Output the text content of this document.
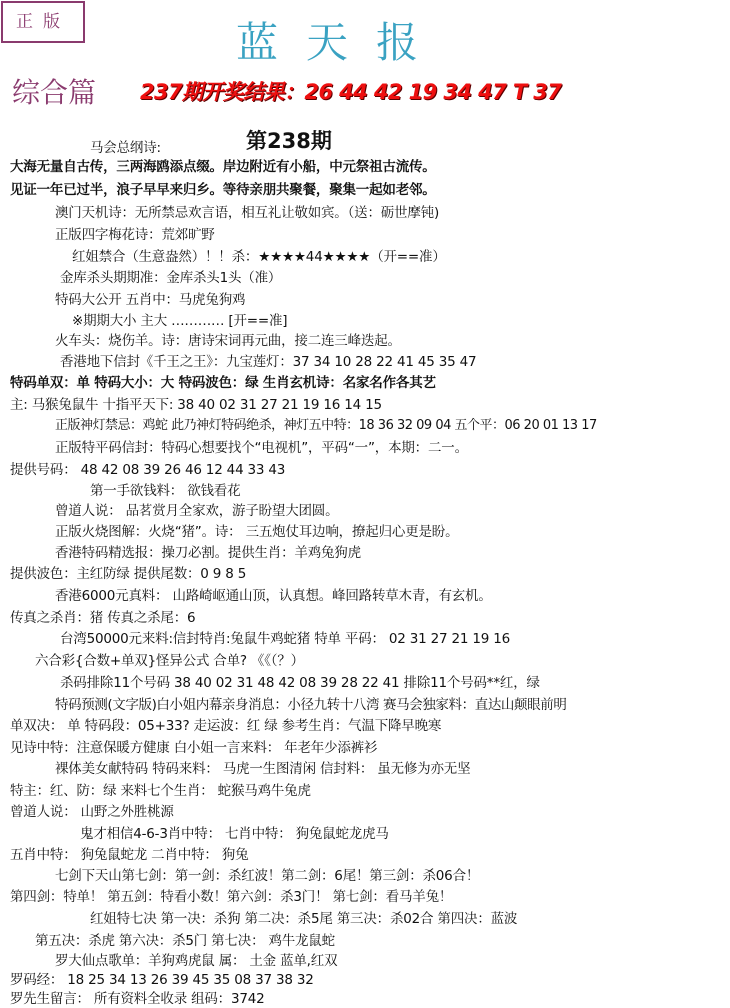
正版	蓝天报
综合篇 237期开奖结果：26 44 42 19 34 47 T 37
第238期
马会总纲诗:
大海无量自古传，三两海鸥添点缀。岸边附近有小船，中元祭祖古流传。
见证一年已过半，浪子早早来归乡。等待亲朋共聚餐，聚集一起如老邻。
澳门天机诗：无所禁忌欢言语，相互礼让敬如宾。（送：砺世摩钝)
正版四字梅花诗：荒郊旷野
红姐禁合（生意盎然）！！杀：★★★★44★★★★（开==准）
金库杀头期期准：金库杀头1头（准）
特码大公开 五肖中：马虎兔狗鸡
※期期大小 主大 ………… [开==准]
火车头：烧伤羊。诗：唐诗宋词再元曲，接二连三峰迭起。
香港地下信封《千王之王》：九宝莲灯：37 34 10 28 22 41 45 35 47
特码单双：单 特码大小：大 特码波色：绿 生肖玄机诗：名家名作各其艺
主: 马猴兔鼠牛 十指平天下: 38 40 02 31 27 21 19 16 14 15
正版神灯禁忌：鸡蛇 此乃神灯特码绝杀，神灯五中特：18 36 32 09 04 五个平：06 20 01 13 17
正版特平码信封：特码心想要找个“电视机”，平码“一”，本期：二一。
提供号码： 48 42 08 39 26 46 12 44 33 43
第一手欲钱料： 欲钱看花
曾道人说： 品茗赏月全家欢，游子盼望大团圆。
正版火烧图解：火烧“猪”。诗： 三五炮仗耳边响，撩起归心更是盼。
香港特码精选报：操刀必割。提供生肖：羊鸡兔狗虎
提供波色：主红防绿 提供尾数：0 9 8 5
香港6000元真料： 山路崎岖通山顶，认真想。峰回路转草木青，有玄机。
传真之杀肖：猪 传真之杀尾：6
台湾50000元来料:信封特肖:兔鼠牛鸡蛇猪 特单 平码： 02 31 27 21 19 16
六合彩{合数+单双}怪异公式 合单? 《《（？）
杀码排除11个号码 38 40 02 31 48 42 08 39 28 22 41 排除11个号码**红，绿
特码预测(文字版)白小姐内幕亲身消息：小径九转十八湾 赛马会独家料：直达山颠眼前明
单双决： 单 特码段：05+33? 走运波：红 绿 参考生肖：气温下降早晚寒
见诗中特：注意保暖方健康 白小姐一言来料： 年老年少添裤衫
裸体美女献特码 特码来料： 马虎一生图清闲 信封料： 虽无修为亦无坚
特主：红、防：绿 来料七个生肖： 蛇猴马鸡牛兔虎
曾道人说： 山野之外胜桃源
鬼才相信4-6-3肖中特： 七肖中特： 狗兔鼠蛇龙虎马
五肖中特： 狗兔鼠蛇龙 二肖中特： 狗兔
七剑下天山第七剑：第一剑：杀红波！第二剑：6尾！第三剑：杀06合！
第四剑：特单！ 第五剑：特看小数！第六剑：杀3门！ 第七剑：看马羊兔！
红姐特七决 第一决：杀狗 第二决：杀5尾 第三决：杀02合 第四决：蓝波
第五决：杀虎 第六决：杀5门 第七决： 鸡牛龙鼠蛇
罗大仙点歌单：羊狗鸡虎鼠 属： 土金 蓝单,红双
罗码经： 18 25 34 13 26 39 45 35 08 37 38 32
罗先生留言： 所有资料全收录 组码：3742
